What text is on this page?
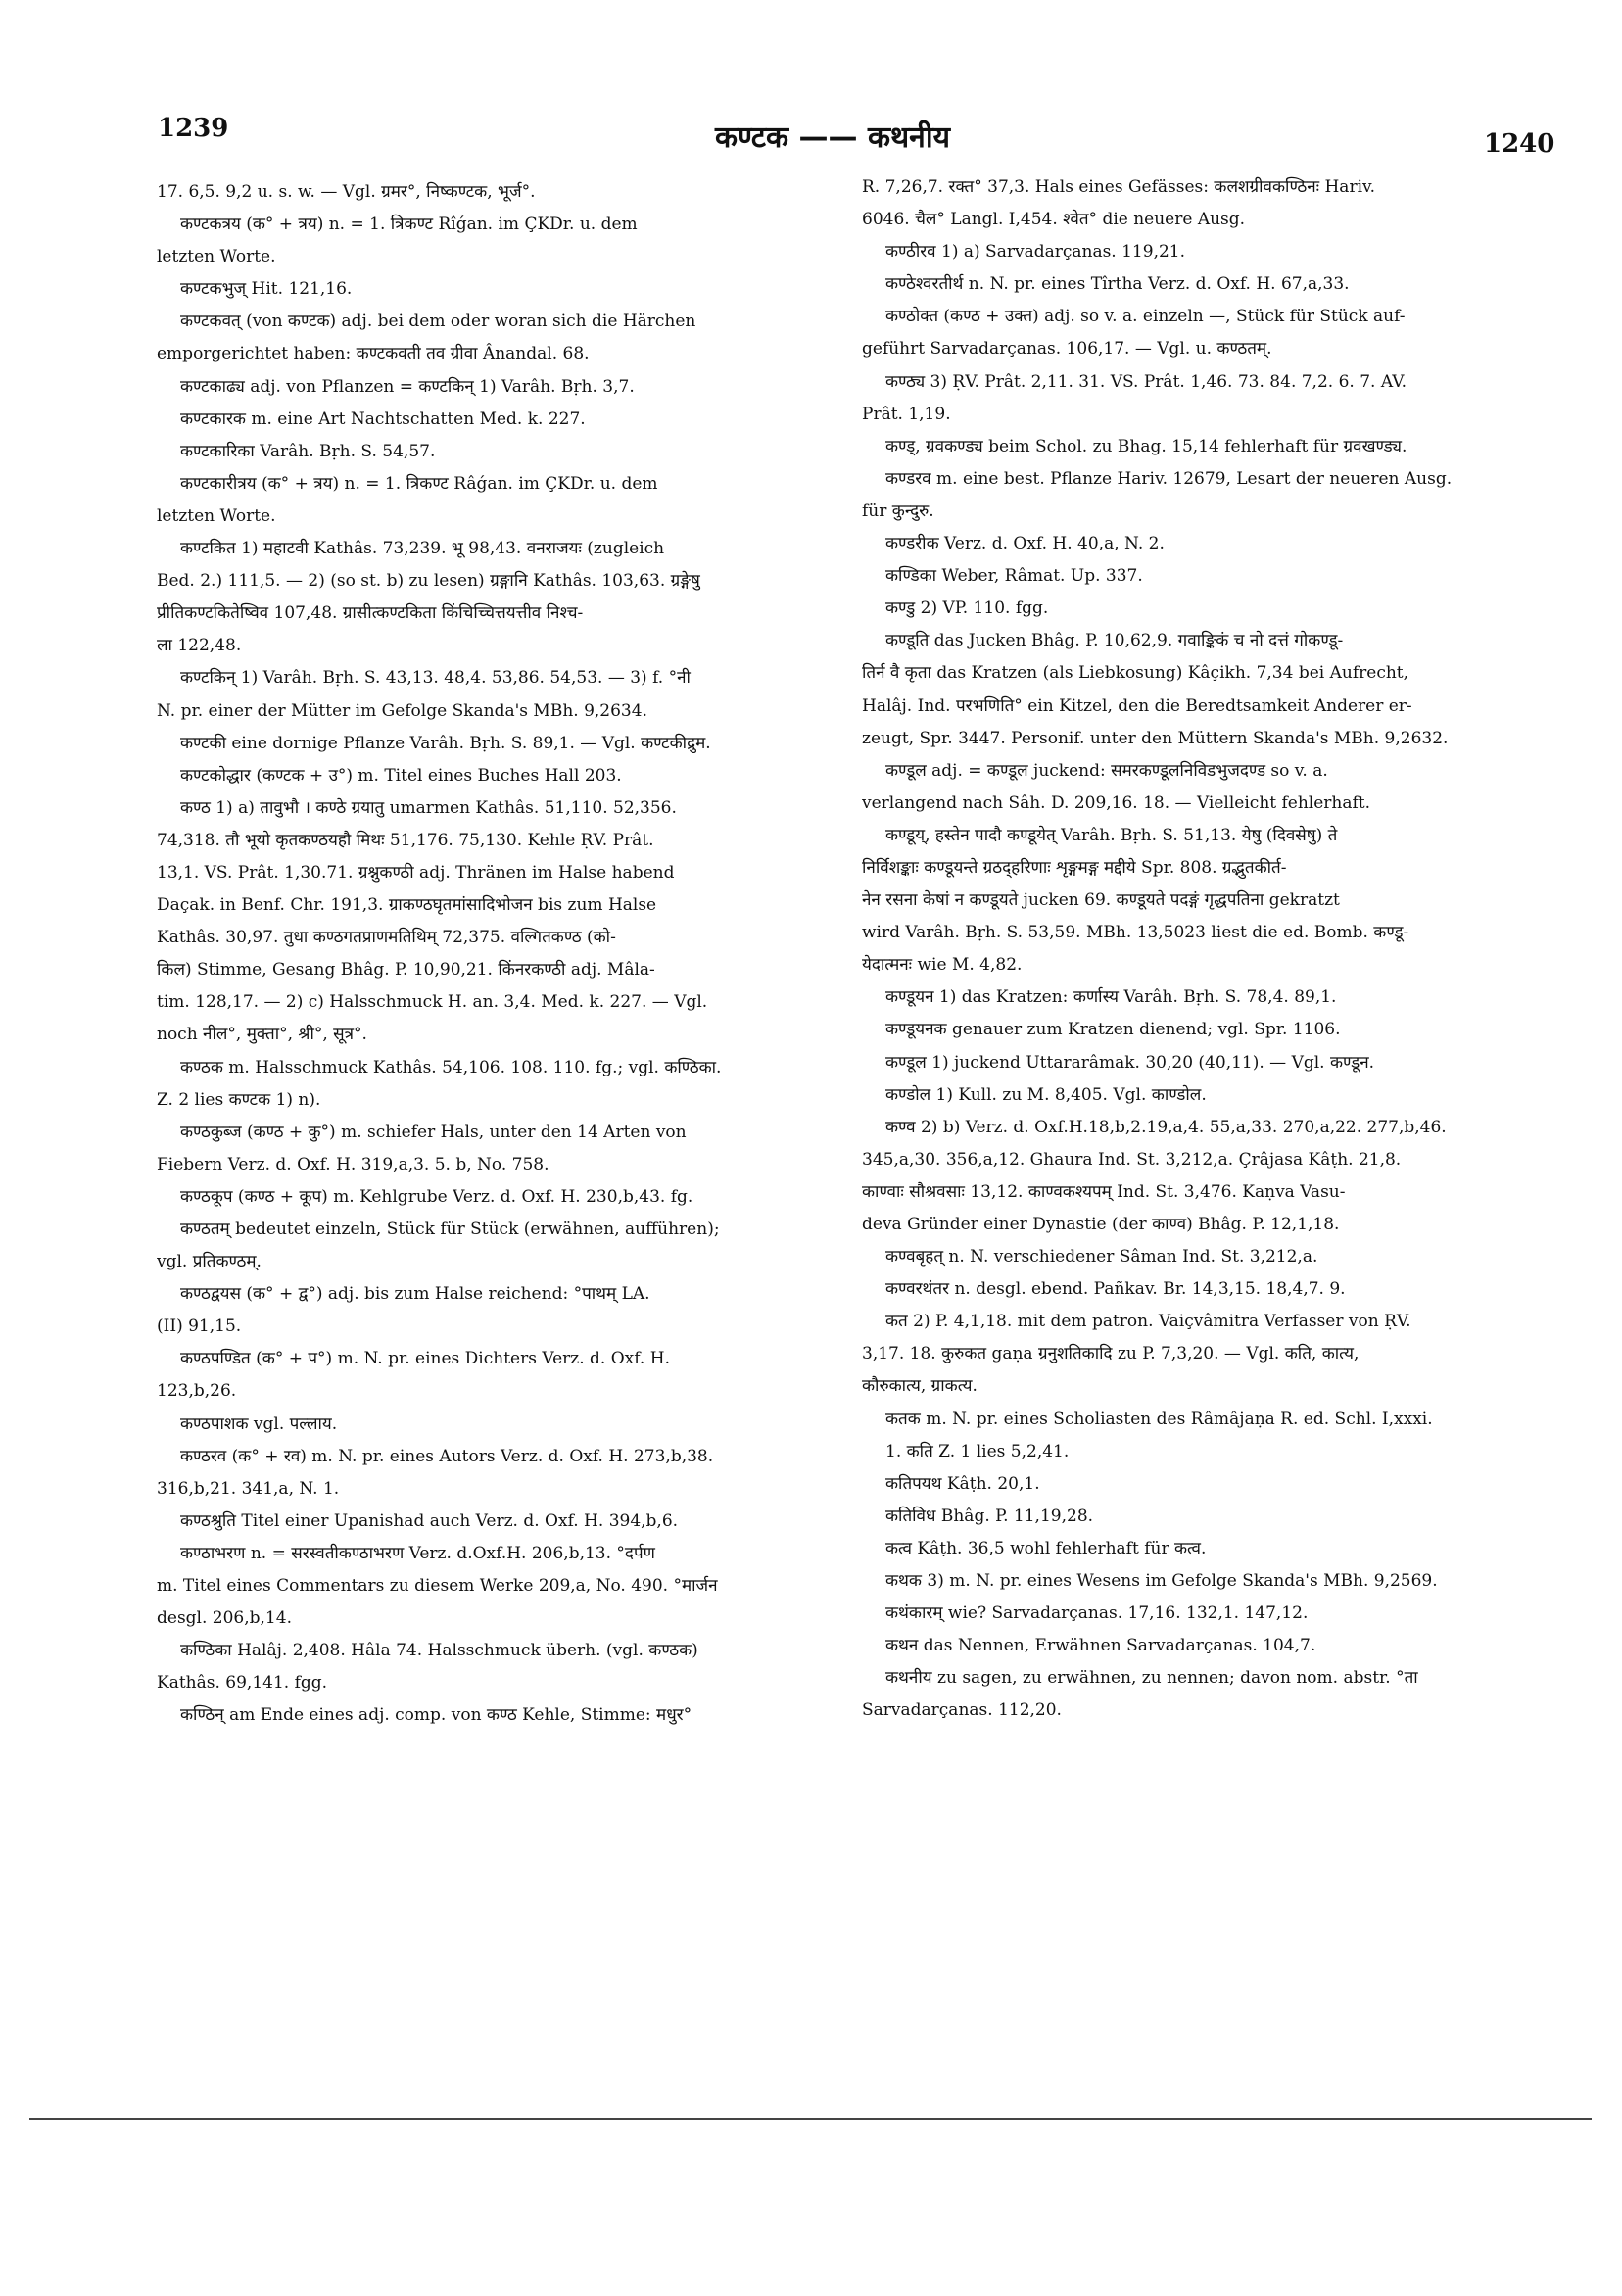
1239	कण्टक —— कथनीय	1240
17. 6,5. 9,2 u. s. w. — Vgl. ग्रमर°, निष्कण्टक, भूर्ज°.
कण्टकत्रय (क° + त्रय) n. = 1. त्रिकण्ट Rîǵan. im ÇKDr. u. dem
letzten Worte.
कण्टकभुज् Hit. 121,16.
कण्टकवत् (von कण्टक) adj. bei dem oder woran sich die Härchen
emporgerichtet haben: कण्टकवती तव ग्रीवा Ânandal. 68.
कण्टकाढ्य adj. von Pflanzen = कण्टकिन् 1) Varâh. Bṛh. 3,7.
कण्टकारक m. eine Art Nachtschatten Med. k. 227.
कण्टकारिका Varâh. Bṛh. S. 54,57.
कण्टकारीत्रय (क° + त्रय) n. = 1. त्रिकण्ट Râǵan. im ÇKDr. u. dem
letzten Worte.
कण्टकित 1) महाटवी Kathâs. 73,239. भू 98,43. वनराजयः (zugleich
Bed. 2.) 111,5. — 2) (so st. b) zu lesen) ग्रङ्गानि Kathâs. 103,63. ग्रङ्गेषु
प्रीतिकण्टकितेष्विव 107,48. ग्रासीत्कण्टकिता किंचिच्चित्तयत्तीव निश्च-
ला 122,48.
कण्टकिन् 1) Varâh. Bṛh. S. 43,13. 48,4. 53,86. 54,53. — 3) f. °नी
N. pr. einer der Mütter im Gefolge Skanda's MBh. 9,2634.
कण्टकी eine dornige Pflanze Varâh. Bṛh. S. 89,1. — Vgl. कण्टकीद्रुम.
कण्टकोद्धार (कण्टक + उ°) m. Titel eines Buches Hall 203.
कण्ठ 1) a) तावुभौ । कण्ठे ग्रयातु umarmen Kathâs. 51,110. 52,356.
74,318. तौ भूयो कृतकण्ठयहौ मिथः 51,176. 75,130. Kehle ṚV. Prât.
13,1. VS. Prât. 1,30.71. ग्रश्नुकण्ठी adj. Thränen im Halse habend
Daçak. in Benf. Chr. 191,3. ग्राकण्ठघृतमांसादिभोजन bis zum Halse
Kathâs. 30,97. तुधा कण्ठगतप्राणमतिथिम् 72,375. वल्गितकण्ठ (को-
किल) Stimme, Gesang Bhâg. P. 10,90,21. किंनरकण्ठी adj. Mâla-
tim. 128,17. — 2) c) Halsschmuck H. an. 3,4. Med. k. 227. — Vgl.
noch नील°, मुक्ता°, श्री°, सूत्र°.
कण्ठक m. Halsschmuck Kathâs. 54,106. 108. 110. fg.; vgl. कण्ठिका.
Z. 2 lies कण्टक 1) n).
कण्ठकुब्ज (कण्ठ + कु°) m. schiefer Hals, unter den 14 Arten von
Fiebern Verz. d. Oxf. H. 319,a,3. 5. b, No. 758.
कण्ठकूप (कण्ठ + कूप) m. Kehlgrube Verz. d. Oxf. H. 230,b,43. fg.
कण्ठतम् bedeutet einzeln, Stück für Stück (erwähnen, aufführen);
vgl. प्रतिकण्ठम्.
कण्ठद्वयस (क° + द्व°) adj. bis zum Halse reichend: °पाथम् LA.
(II) 91,15.
कण्ठपण्डित (क° + प°) m. N. pr. eines Dichters Verz. d. Oxf. H.
123,b,26.
कण्ठपाशक vgl. पल्लाय.
कण्ठरव (क° + रव) m. N. pr. eines Autors Verz. d. Oxf. H. 273,b,38.
316,b,21. 341,a, N. 1.
कण्ठश्रुति Titel einer Upanishad auch Verz. d. Oxf. H. 394,b,6.
कण्ठाभरण n. = सरस्वतीकण्ठाभरण Verz. d.Oxf.H. 206,b,13. °दर्पण
m. Titel eines Commentars zu diesem Werke 209,a, No. 490. °मार्जन
desgl. 206,b,14.
कण्ठिका Halâj. 2,408. Hâla 74. Halsschmuck überh. (vgl. कण्ठक)
Kathâs. 69,141. fgg.
कण्ठिन् am Ende eines adj. comp. von कण्ठ Kehle, Stimme: मधुर°
R. 7,26,7. रक्त° 37,3. Hals eines Gefässes: कलशग्रीवकण्ठिनः Hariv.
6046. चैल° Langl. I,454. श्वेत° die neuere Ausg.
कण्ठीरव 1) a) Sarvadarçanas. 119,21.
कण्ठेश्वरतीर्थ n. N. pr. eines Tîrtha Verz. d. Oxf. H. 67,a,33.
कण्ठोक्त (कण्ठ + उक्त) adj. so v. a. einzeln —, Stück für Stück auf-
geführt Sarvadarçanas. 106,17. — Vgl. u. कण्ठतम्.
कण्ठ्य 3) ṚV. Prât. 2,11. 31. VS. Prât. 1,46. 73. 84. 7,2. 6. 7. AV.
Prât. 1,19.
कण्ड्, ग्रवकण्ड्य beim Schol. zu Bhag. 15,14 fehlerhaft für ग्रवखण्ड्य.
कण्डरव m. eine best. Pflanze Hariv. 12679, Lesart der neueren Ausg.
für कुन्दुरु.
कण्डरीक Verz. d. Oxf. H. 40,a, N. 2.
कण्डिका Weber, Râmat. Up. 337.
कण्डु 2) VP. 110. fgg.
कण्डूति das Jucken Bhâg. P. 10,62,9. गवाङ्किकं च नो दत्तं गोकण्डू-
तिर्न वै कृता das Kratzen (als Liebkosung) Kâçikh. 7,34 bei Aufrecht,
Halâj. Ind. परभणिति° ein Kitzel, den die Beredtsamkeit Anderer er-
zeugt, Spr. 3447. Personif. unter den Müttern Skanda's MBh. 9,2632.
कण्डूल adj. = कण्डूल juckend: समरकण्डूलनिविडभुजदण्ड so v. a.
verlangend nach Sâh. D. 209,16. 18. — Vielleicht fehlerhaft.
कण्डूय्, हस्तेन पादौ कण्डूयेत् Varâh. Bṛh. S. 51,13. येषु (दिवसेषु) ते
निर्विशङ्काः कण्डूयन्ते ग्रठद्हरिणाः शृङ्गमङ्ग मद्दीये Spr. 808. ग्रद्भुतकीर्त-
नेन रसना केषां न कण्डूयते jucken 69. कण्डूयते पदङ्गं गृद्धपतिना gekratzt
wird Varâh. Bṛh. S. 53,59. MBh. 13,5023 liest die ed. Bomb. कण्डू-
येदात्मनः wie M. 4,82.
कण्डूयन 1) das Kratzen: कर्णास्य Varâh. Bṛh. S. 78,4. 89,1.
कण्डूयनक genauer zum Kratzen dienend; vgl. Spr. 1106.
कण्डूल 1) juckend Uttararâmak. 30,20 (40,11). — Vgl. कण्डून.
कण्डोल 1) Kull. zu M. 8,405. Vgl. काण्डोल.
कण्व 2) b) Verz. d. Oxf.H.18,b,2.19,a,4. 55,a,33. 270,a,22. 277,b,46.
345,a,30. 356,a,12. Ghaura Ind. St. 3,212,a. Çrâjasa Kâṭh. 21,8.
काण्वाः सौश्रवसाः 13,12. काण्वकश्यपम् Ind. St. 3,476. Kaṇva Vasu-
deva Gründer einer Dynastie (der काण्व) Bhâg. P. 12,1,18.
कण्वबृहत् n. N. verschiedener Sâman Ind. St. 3,212,a.
कण्वरथंतर n. desgl. ebend. Pañkav. Br. 14,3,15. 18,4,7. 9.
कत 2) P. 4,1,18. mit dem patron. Vaiçvâmitra Verfasser von ṚV.
3,17. 18. कुरुकत gaṇa ग्रनुशतिकादि zu P. 7,3,20. — Vgl. कति, कात्य,
कौरुकात्य, ग्राकत्य.
कतक m. N. pr. eines Scholiasten des Râmâjaṇa R. ed. Schl. I,xxxi.
1. कति Z. 1 lies 5,2,41.
कतिपयथ Kâṭh. 20,1.
कतिविध Bhâg. P. 11,19,28.
कत्व Kâṭh. 36,5 wohl fehlerhaft für कत्व.
कथक 3) m. N. pr. eines Wesens im Gefolge Skanda's MBh. 9,2569.
कथंकारम् wie? Sarvadarçanas. 17,16. 132,1. 147,12.
कथन das Nennen, Erwähnen Sarvadarçanas. 104,7.
कथनीय zu sagen, zu erwähnen, zu nennen; davon nom. abstr. °ता
Sarvadarçanas. 112,20.
